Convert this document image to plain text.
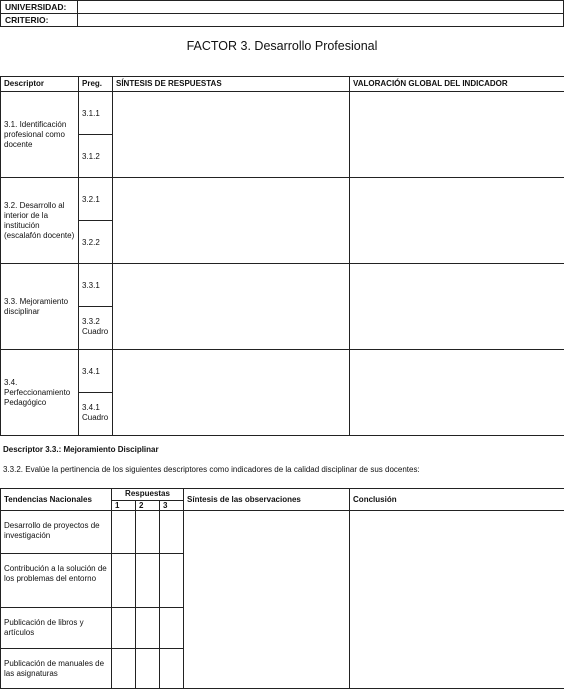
UNIVERSIDAD:	
CRITERIO:	
FACTOR 3. Desarrollo Profesional
Descriptor	Preg.	SÍNTESIS DE RESPUESTAS	VALORACIÓN GLOBAL DEL INDICADOR
3.1. Identificación profesional como docente	3.1.1		
	3.1.2		
3.2. Desarrollo al interior de la institución (escalafón docente)	3.2.1		
	3.2.2		
3.3. Mejoramiento disciplinar	3.3.1		
	3.3.2 Cuadro		
3.4. Perfeccionamiento Pedagógico	3.4.1		
	3.4.1 Cuadro		
Descriptor 3.3.: Mejoramiento Disciplinar
3.3.2. Evalúe la pertinencia de los siguientes descriptores como indicadores de la calidad disciplinar de sus docentes:
Tendencias Nacionales	Respuestas			Síntesis de las observaciones	Conclusión
	1	2	3		
Desarrollo de proyectos de investigación					
Contribución a la solución de los problemas del entorno					
Publicación de libros y artículos					
Publicación de manuales de las asignaturas					
